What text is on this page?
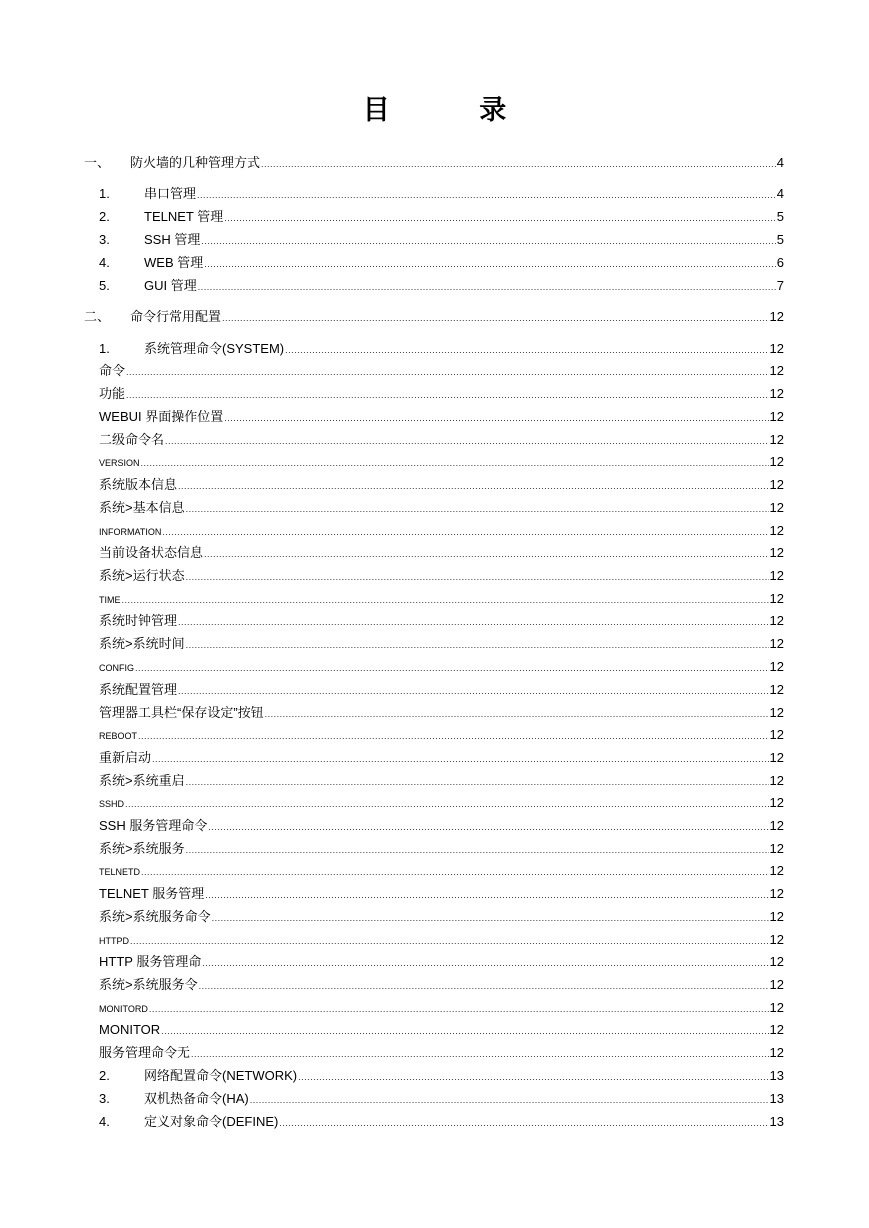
目 录
一、	防火墙的几种管理方式 .....	4
1.	串口管理 .....	4
2.	TELNET 管理 .....	5
3.	SSH 管理 .....	5
4.	WEB 管理 .....	6
5.	GUI 管理 .....	7
二、	命令行常用配置 .....	12
1.	系统管理命令(SYSTEM) .....	12
命令 .....	12
功能 .....	12
WEBUI 界面操作位置 .....	12
二级命令名 .....	12
VERSION .....	12
系统版本信息 .....	12
系统>基本信息 .....	12
INFORMATION .....	12
当前设备状态信息 .....	12
系统>运行状态 .....	12
TIME .....	12
系统时钟管理 .....	12
系统>系统时间 .....	12
CONFIG .....	12
系统配置管理 .....	12
管理器工具栏“保存设定”按钮 .....	12
REBOOT .....	12
重新启动 .....	12
系统>系统重启 .....	12
SSHD .....	12
SSH 服务管理命令 .....	12
系统>系统服务 .....	12
TELNETD .....	12
TELNET 服务管理 .....	12
系统>系统服务命令 .....	12
HTTPD .....	12
HTTP 服务管理命 .....	12
系统>系统服务令 .....	12
MONITORD .....	12
MONITOR .....	12
服务管理命令无 .....	12
2.	网络配置命令(NETWORK) .....	13
3.	双机热备命令(HA) .....	13
4.	定义对象命令(DEFINE) .....	13
